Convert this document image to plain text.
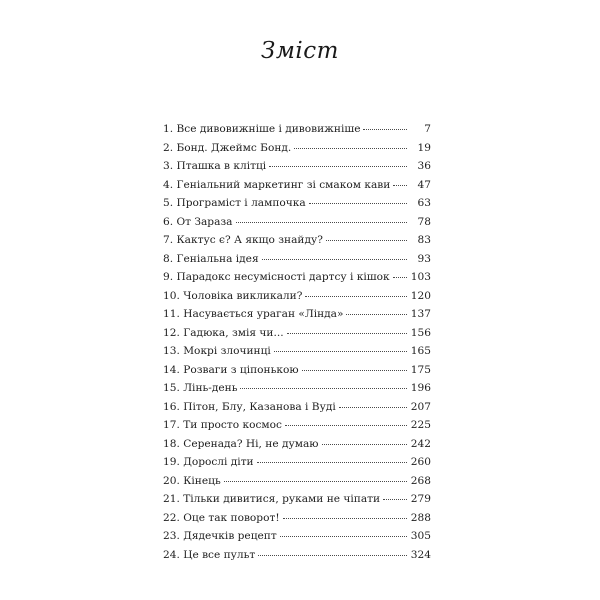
Зміст
1. Все дивовижніше і дивовижніше	7
2. Бонд. Джеймс Бонд.	19
3. Пташка в клітці	36
4. Геніальний маркетинг зі смаком кави	47
5. Програміст і лампочка	63
6. От Зараза	78
7. Кактус є? А якщо знайду?	83
8. Геніальна ідея	93
9. Парадокс несумісності дартсу і кішок 103
10. Чоловіка викликали?	120
11. Насувається ураган «Лінда»	137
12. Гадюка, змія чи...	156
13. Мокрі злочинці	165
14. Розваги з ціпонькою	175
15. Лінь-день	196
16. Пітон, Блу, Казанова і Вуді	207
17. Ти просто космос	225
18. Серенада? Ні, не думаю	242
19. Дорослі діти	260
20. Кінець	268
21. Тільки дивитися, руками не чіпати	279
22. Оце так поворот!	288
23. Дядечків рецепт	305
24. Це все пульт	324
